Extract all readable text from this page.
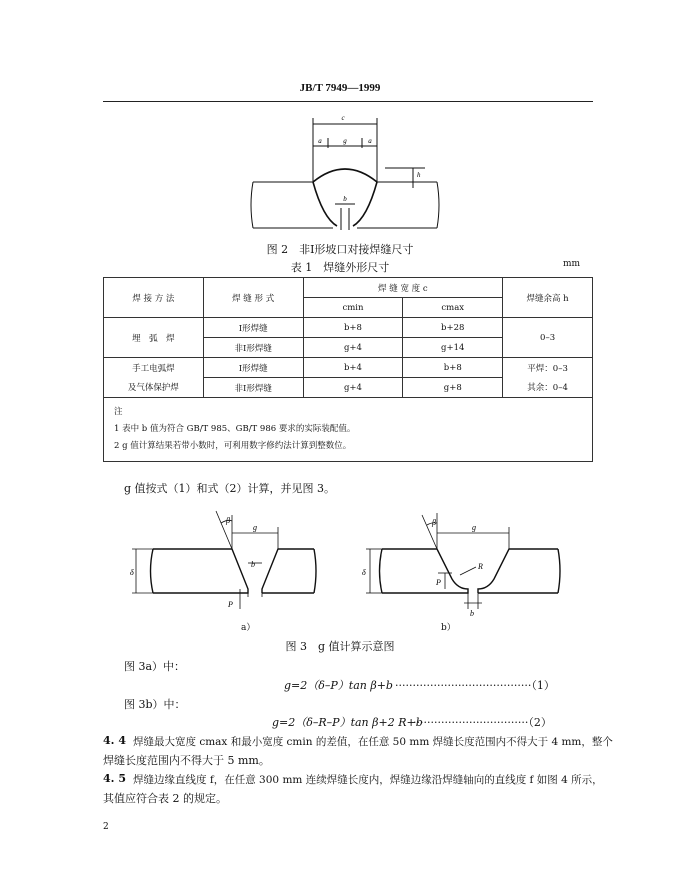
JB/T 7949—1999
c
a	g	a
h
b
图 2　非Ⅰ形坡口对接焊缝尺寸
表 1　焊缝外形尺寸	mm
焊 接 方 法	焊 缝 形 式	焊 缝 宽 度 c		焊缝余高 h
		cmin	cmax	
埋　弧　焊	Ⅰ形焊缝	b+8	b+28	0–3
	非Ⅰ形焊缝	g+4	g+14	
手工电弧焊	Ⅰ形焊缝	b+4	b+8	平焊：0–3
及气体保护焊	非Ⅰ形焊缝	g+4	g+8	其余：0–4

注
1 表中 b 值为符合 GB/T 985、GB/T 986 要求的实际装配值。
2 g 值计算结果若带小数时，可利用数字修约法计算到整数位。				
g 值按式（1）和式（2）计算，并见图 3。
β
g
δ
b
P
β
g
δ
R
P
b
a）	b）
图 3　g 值计算示意图
图 3a）中：
g=2（δ–P）tan β+b ·······································（1）
图 3b）中：
g=2（δ–R–P）tan β+2 R+b
·································（2）
4. 4 焊缝最大宽度 cmax 和最小宽度 cmin 的差值，在任意 50 mm 焊缝长度范围内不得大于 4 mm，整个
焊缝长度范围内不得大于 5 mm。
4. 5 焊缝边缘直线度 f，在任意 300 mm 连续焊缝长度内，焊缝边缘沿焊缝轴向的直线度 f 如图 4 所示，
其值应符合表 2 的规定。
2
